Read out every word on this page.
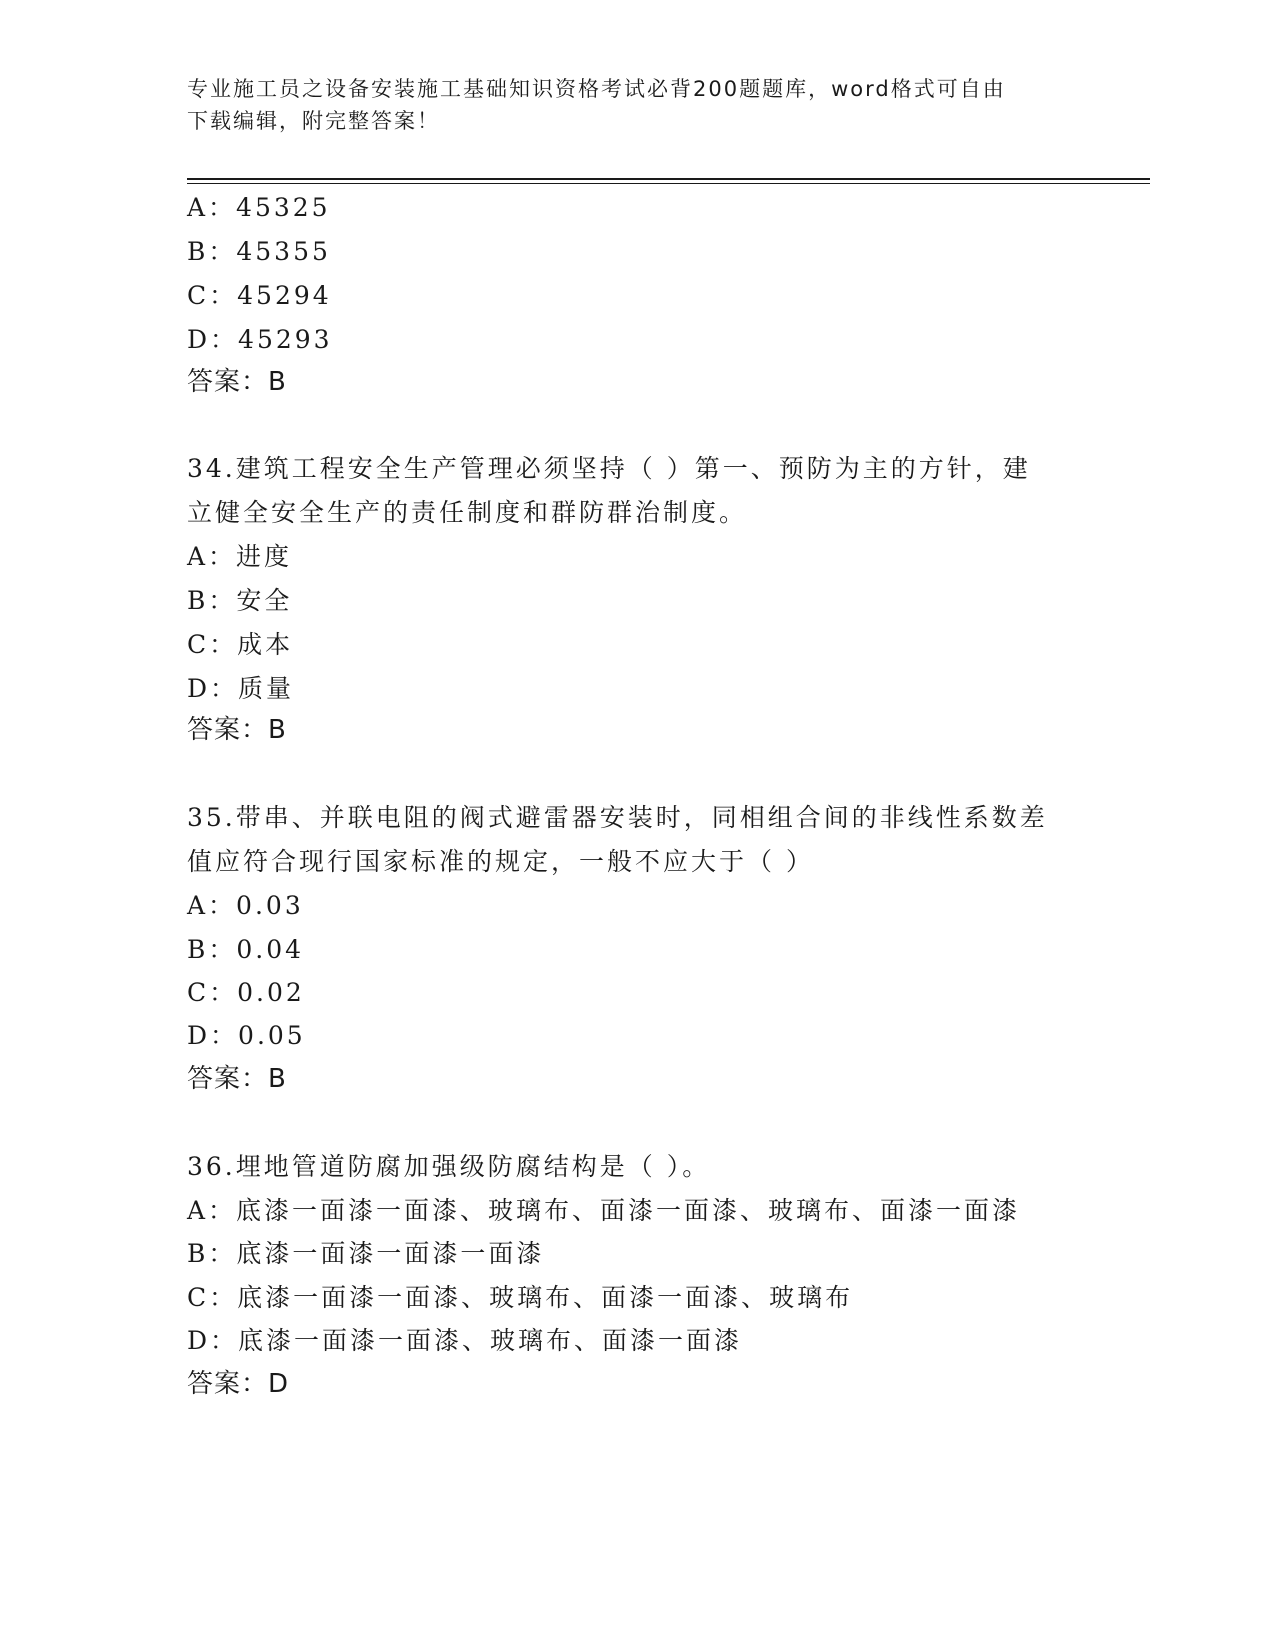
专业施工员之设备安装施工基础知识资格考试必背200题题库，word格式可自由
下载编辑，附完整答案！
A：45325
B：45355
C：45294
D：45293
答案：B
34.建筑工程安全生产管理必须坚持（ ）第一、预防为主的方针，建
立健全安全生产的责任制度和群防群治制度。
A：进度
B：安全
C：成本
D：质量
答案：B
35.带串、并联电阻的阀式避雷器安装时，同相组合间的非线性系数差
值应符合现行国家标准的规定，一般不应大于（ ）
A：0.03
B：0.04
C：0.02
D：0.05
答案：B
36.埋地管道防腐加强级防腐结构是（ ）。
A：底漆一面漆一面漆、玻璃布、面漆一面漆、玻璃布、面漆一面漆
B：底漆一面漆一面漆一面漆
C：底漆一面漆一面漆、玻璃布、面漆一面漆、玻璃布
D：底漆一面漆一面漆、玻璃布、面漆一面漆
答案：D
